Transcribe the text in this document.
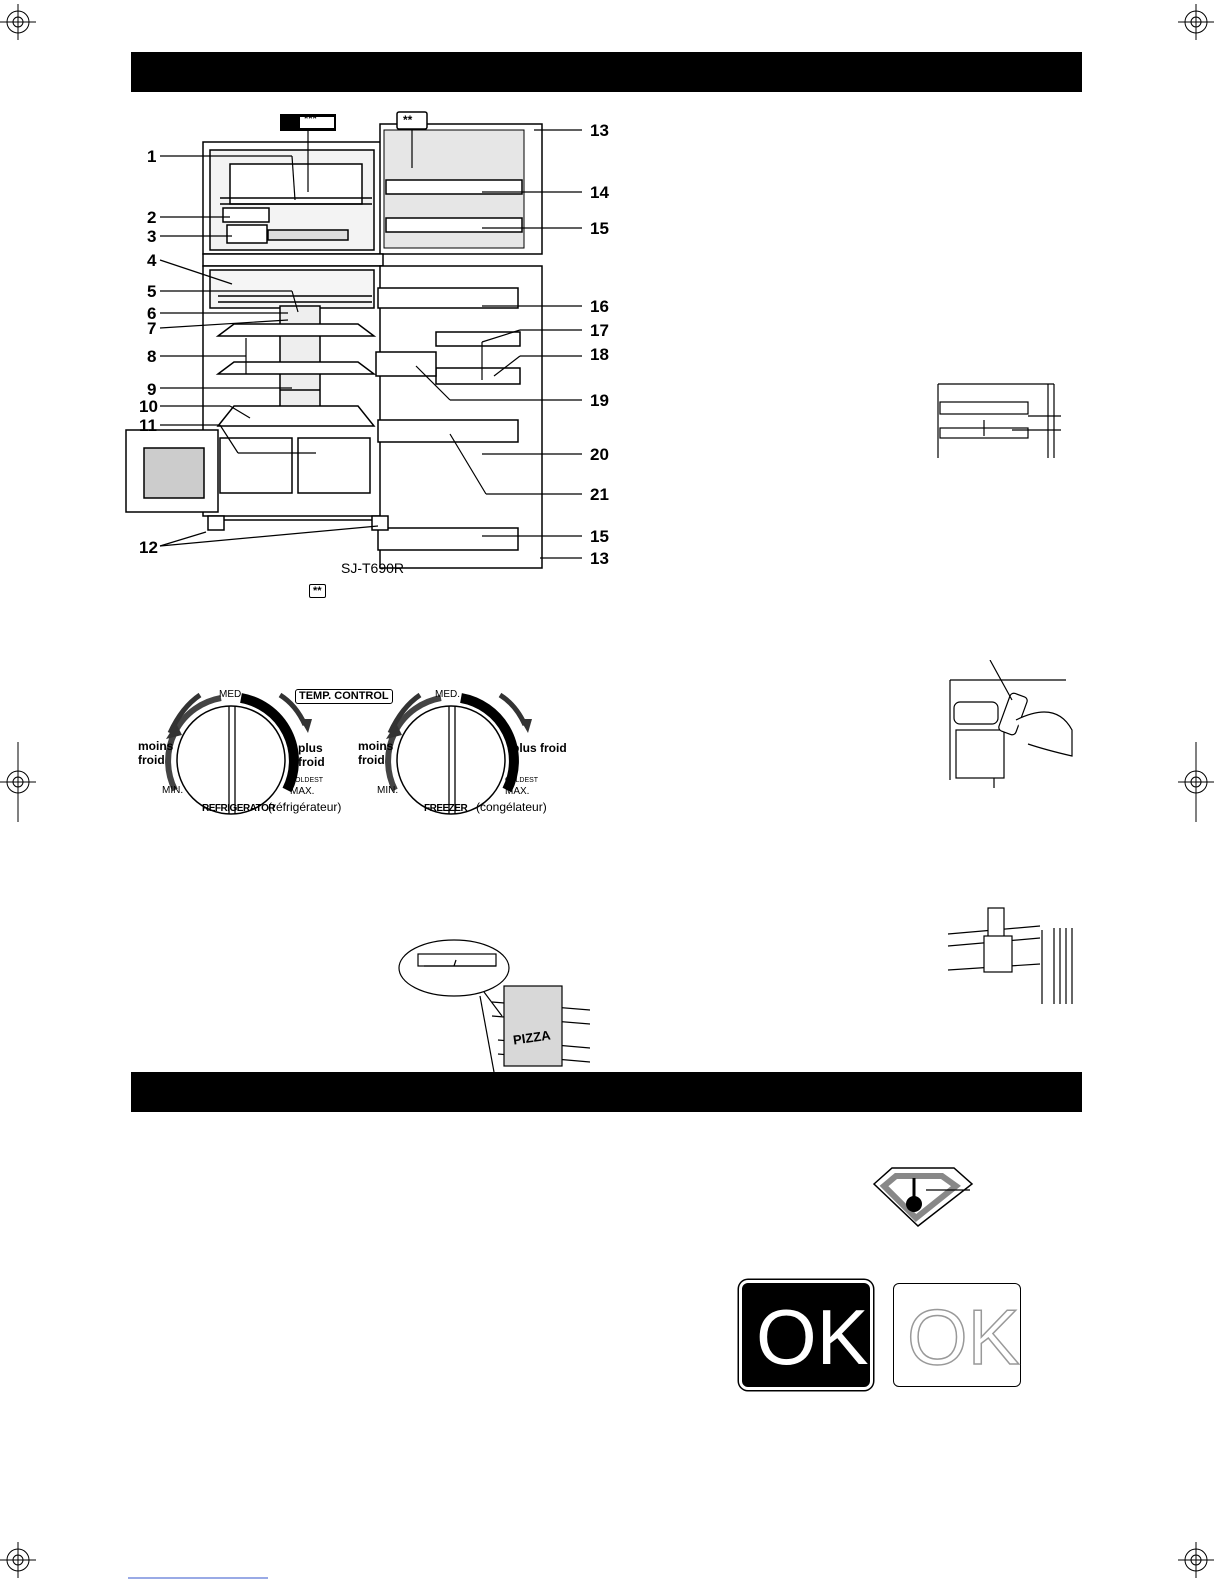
***	**
**
1
2
3
4
5
6
7
8
9
10
11
12
13
14
15
16
17
18
19
20
21
15
13
SJ-T690R
TEMP. CONTROL
MED.
moins
froid
plus
froid
MIN.
COLDEST
MAX.
REFRIGERATOR
(réfrigérateur)
MED.
moins
froid
plus froid
MIN.
COLDEST
MAX.
FREEZER (congélateur)
PIZZA
OK OK
